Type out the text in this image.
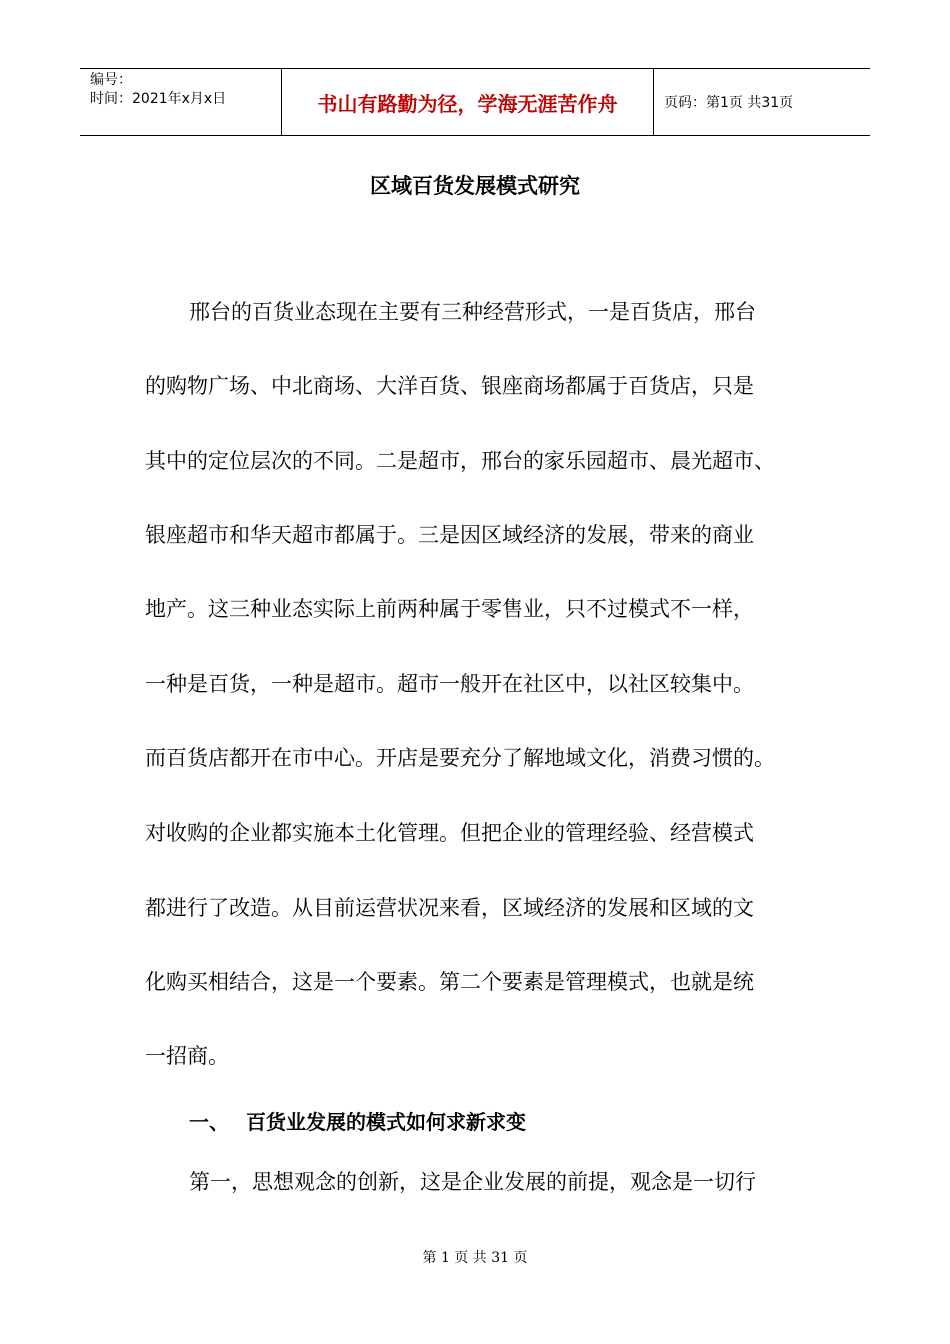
编号：
时间：2021年x月x日	书山有路勤为径，学海无涯苦作舟	页码：第1页 共31页
区域百货发展模式研究
邢台的百货业态现在主要有三种经营形式，一是百货店，邢台
的购物广场、中北商场、大洋百货、银座商场都属于百货店，只是
其中的定位层次的不同。二是超市，邢台的家乐园超市、晨光超市、
银座超市和华天超市都属于。三是因区域经济的发展，带来的商业
地产。这三种业态实际上前两种属于零售业，只不过模式不一样，
一种是百货，一种是超市。超市一般开在社区中，以社区较集中。
而百货店都开在市中心。开店是要充分了解地域文化，消费习惯的。
对收购的企业都实施本土化管理。但把企业的管理经验、经营模式
都进行了改造。从目前运营状况来看，区域经济的发展和区域的文
化购买相结合，这是一个要素。第二个要素是管理模式，也就是统
一招商。
一、 百货业发展的模式如何求新求变
第一，思想观念的创新，这是企业发展的前提，观念是一切行
第 1 页 共 31 页
